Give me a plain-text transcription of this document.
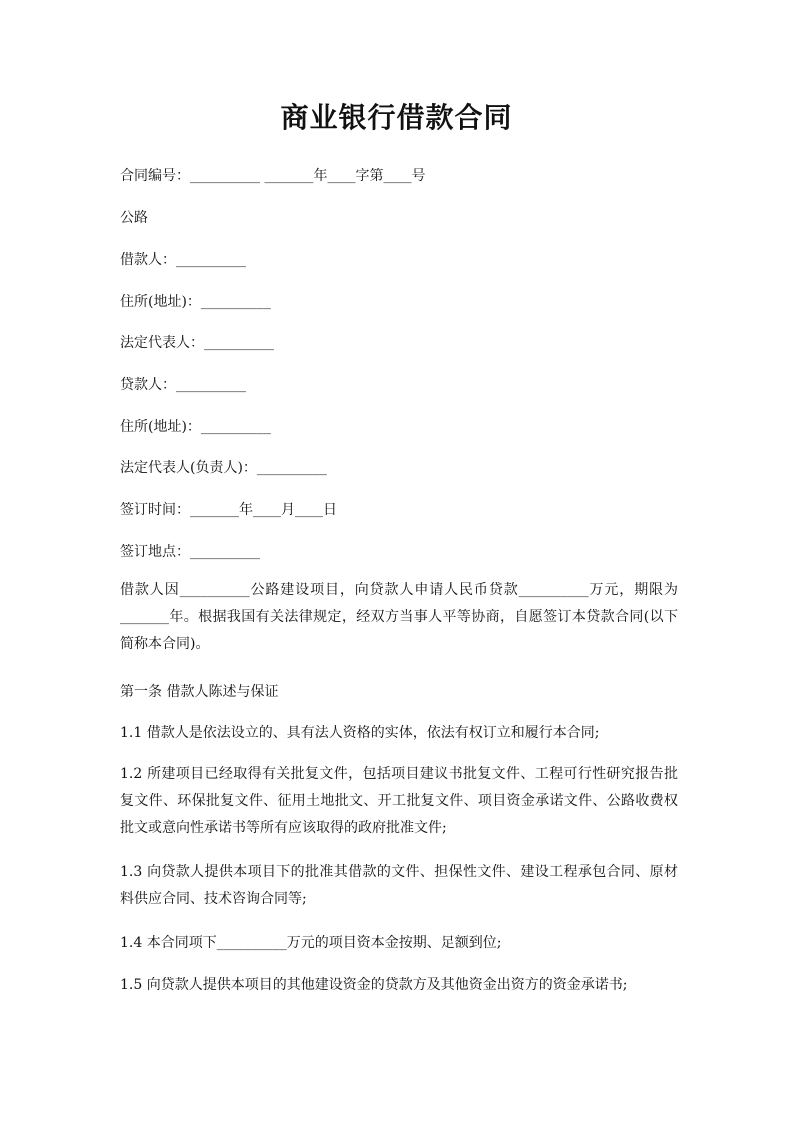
商业银行借款合同

合同编号：__________ _______年____字第____号

公路

借款人：__________

住所(地址)：__________

法定代表人：__________

贷款人：__________

住所(地址)：__________

法定代表人(负责人)：__________

签订时间：_______年____月____日

签订地点：__________

借款人因__________公路建设项目，向贷款人申请人民币贷款__________万元，期限为_______年。根据我国有关法律规定，经双方当事人平等协商，自愿签订本贷款合同(以下简称本合同)。

第一条 借款人陈述与保证

1.1 借款人是依法设立的、具有法人资格的实体，依法有权订立和履行本合同;

1.2 所建项目已经取得有关批复文件，包括项目建议书批复文件、工程可行性研究报告批复文件、环保批复文件、征用土地批文、开工批复文件、项目资金承诺文件、公路收费权批文或意向性承诺书等所有应该取得的政府批准文件;

1.3 向贷款人提供本项目下的批准其借款的文件、担保性文件、建设工程承包合同、原材料供应合同、技术咨询合同等;

1.4 本合同项下__________万元的项目资本金按期、足额到位;

1.5 向贷款人提供本项目的其他建设资金的贷款方及其他资金出资方的资金承诺书;
